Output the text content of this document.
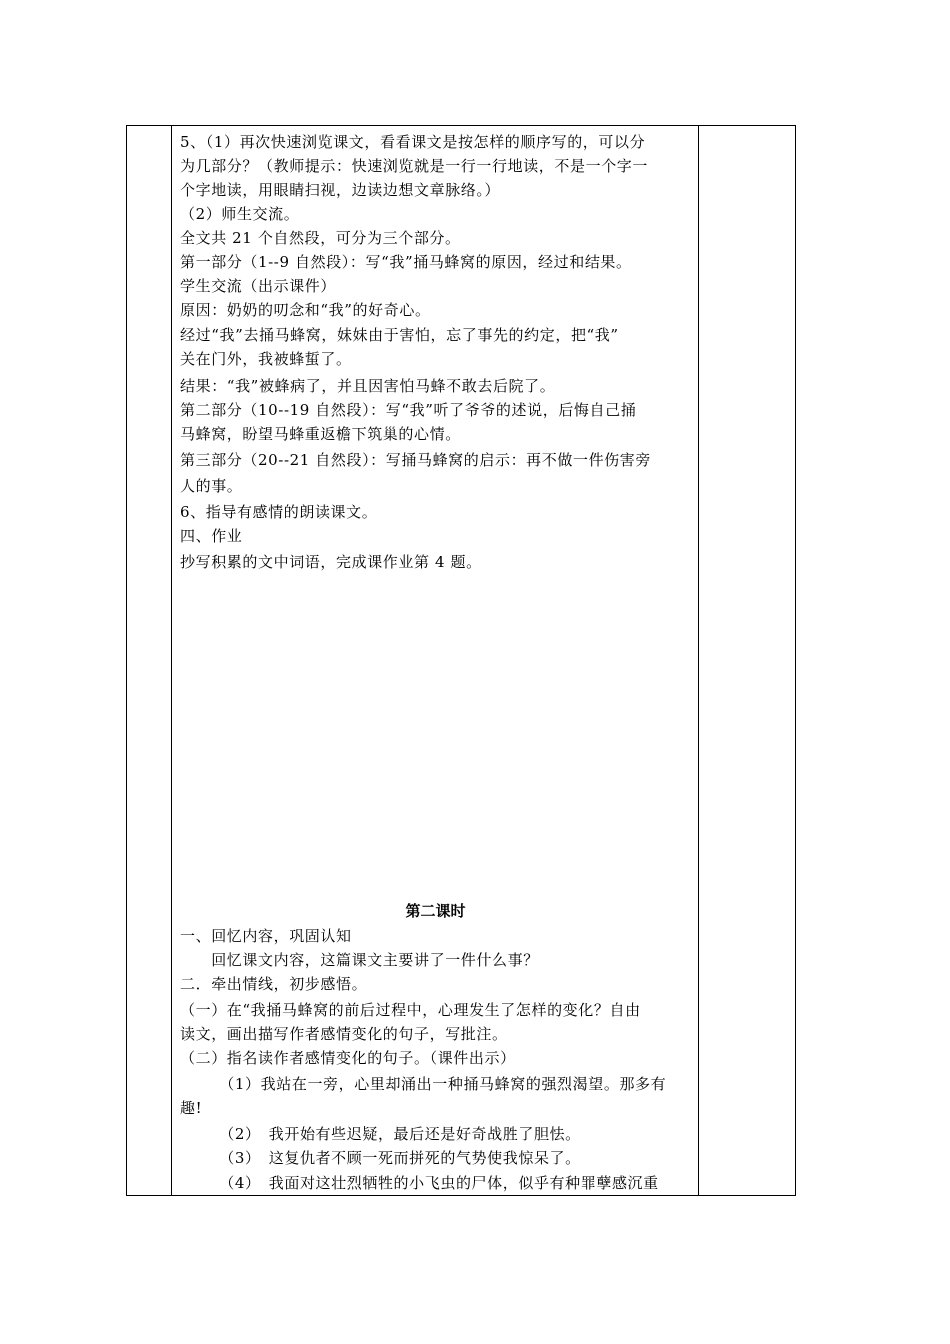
5、（1）再次快速浏览课文，看看课文是按怎样的顺序写的，可以分
为几部分？（教师提示：快速浏览就是一行一行地读，不是一个字一
个字地读，用眼睛扫视，边读边想文章脉络。）
（2）师生交流。
全文共 21 个自然段，可分为三个部分。
第一部分（1--9 自然段）：写“我”捅马蜂窝的原因，经过和结果。
学生交流（出示课件）
原因：奶奶的叨念和“我”的好奇心。
经过“我”去捅马蜂窝，妹妹由于害怕，忘了事先的约定，把“我”
关在门外，我被蜂蜇了。
结果：“我”被蜂病了，并且因害怕马蜂不敢去后院了。
第二部分（10--19 自然段）：写“我”听了爷爷的述说，后悔自己捅
马蜂窝，盼望马蜂重返檐下筑巢的心情。
第三部分（20--21 自然段）：写捅马蜂窝的启示：再不做一件伤害旁
人的事。
6、指导有感情的朗读课文。
四、作业
抄写积累的文中词语，完成课作业第 4 题。
第二课时
一、回忆内容，巩固认知
　　回忆课文内容，这篇课文主要讲了一件什么事？
二．牵出情线，初步感悟。
（一）在“我捅马蜂窝的前后过程中，心理发生了怎样的变化？自由
读文，画出描写作者感情变化的句子，写批注。
（二）指名读作者感情变化的句子。（课件出示）
　　　（1）我站在一旁，心里却涌出一种捅马蜂窝的强烈渴望。那多有
趣!
　　　（2）　我开始有些迟疑，最后还是好奇战胜了胆怯。
　　　（3）　这复仇者不顾一死而拼死的气势使我惊呆了。
　　　（4）　我面对这壮烈牺牲的小飞虫的尸体，似乎有种罪孽感沉重
